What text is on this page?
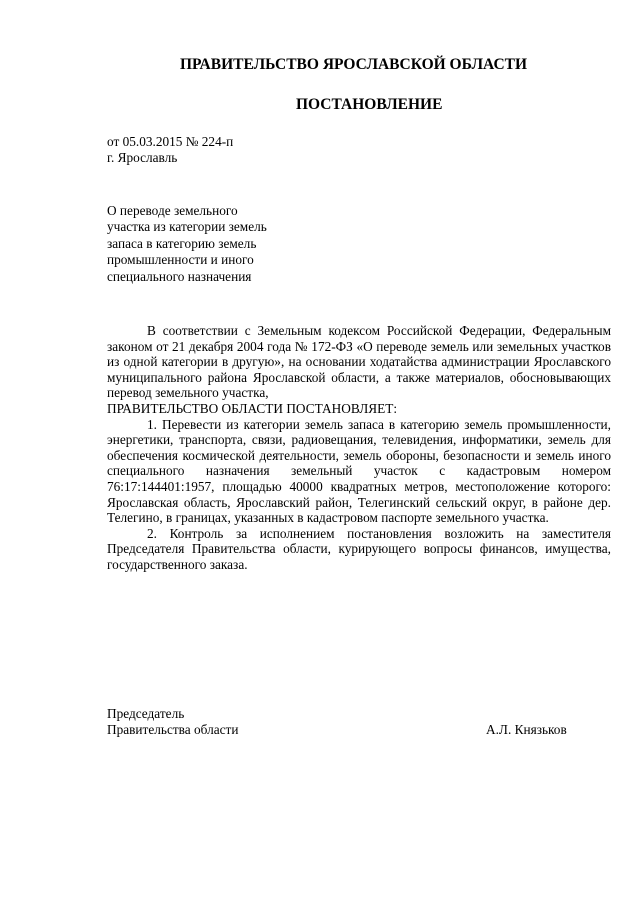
ПРАВИТЕЛЬСТВО ЯРОСЛАВСКОЙ ОБЛАСТИ
ПОСТАНОВЛЕНИЕ
от 05.03.2015 № 224-п
г. Ярославль
О переводе земельного
участка из категории земель
запаса в категорию земель
промышленности и иного
специального назначения

В соответствии с Земельным кодексом Российской Федерации, Федеральным законом от 21 декабря 2004 года № 172-ФЗ «О переводе земель или земельных участков из одной категории в другую», на основании ходатайства администрации Ярославского муниципального района Ярославской области, а также материалов, обосновывающих перевод земельного участка,

ПРАВИТЕЛЬСТВО ОБЛАСТИ ПОСТАНОВЛЯЕТ:

1. Перевести из категории земель запаса в категорию земель промышленности, энергетики, транспорта, связи, радиовещания, телевидения, информатики, земель для обеспечения космической деятельности, земель обороны, безопасности и земель иного специального назначения земельный участок с кадастровым номером 76:17:144401:1957, площадью 40000 квадратных метров, местоположение которого: Ярославская область, Ярославский район, Телегинский сельский округ, в районе дер. Телегино, в границах, указанных в кадастровом паспорте земельного участка.

2. Контроль за исполнением постановления возложить на заместителя Председателя Правительства области, курирующего вопросы финансов, имущества, государственного заказа.

Председатель
Правительства области	А.Л. Князьков
